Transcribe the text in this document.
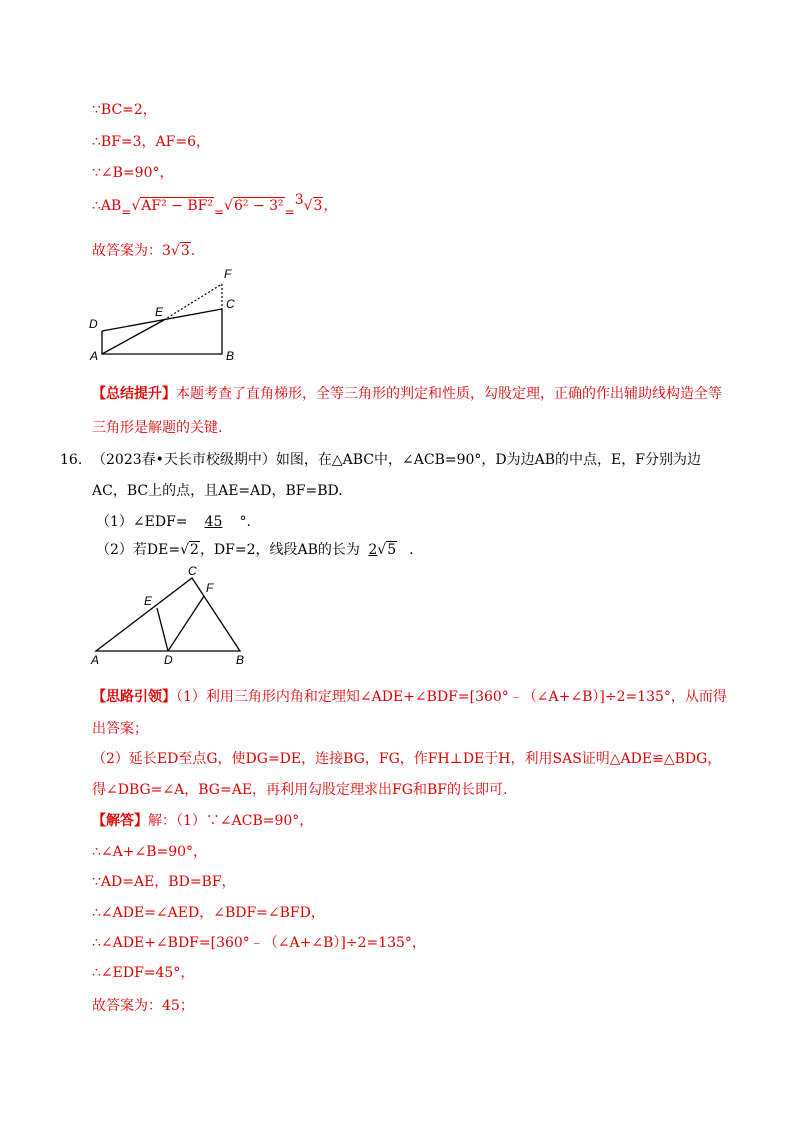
∵BC=2，
∴BF=3，AF=6，
∵∠B=90°，
∴AB=√AF² − BF²=√6² − 3²=3√3，
故答案为：3√3.
F
C
E
D
A	B
【总结提升】本题考查了直角梯形，全等三角形的判定和性质，勾股定理，正确的作出辅助线构造全等
三角形是解题的关键.
16. （2023春•天长市校级期中）如图，在△ABC中，∠ACB=90°，D为边AB的中点，E，F分别为边
AC，BC上的点，且AE=AD，BF=BD.
（1）∠EDF= 45 °.
（2）若DE=√2，DF=2，线段AB的长为 2√5 .
C
F
E
A	D	B
【思路引领】（1）利用三角形内角和定理知∠ADE+∠BDF=[360°﹣（∠A+∠B）]÷2=135°，从而得
出答案；
（2）延长ED至点G，使DG=DE，连接BG，FG，作FH⊥DE于H，利用SAS证明△ADE≌△BDG，
得∠DBG=∠A，BG=AE，再利用勾股定理求出FG和BF的长即可.
【解答】解：（1）∵∠ACB=90°，
∴∠A+∠B=90°，
∵AD=AE，BD=BF，
∴∠ADE=∠AED，∠BDF=∠BFD，
∴∠ADE+∠BDF=[360°﹣（∠A+∠B）]÷2=135°，
∴∠EDF=45°，
故答案为：45；
